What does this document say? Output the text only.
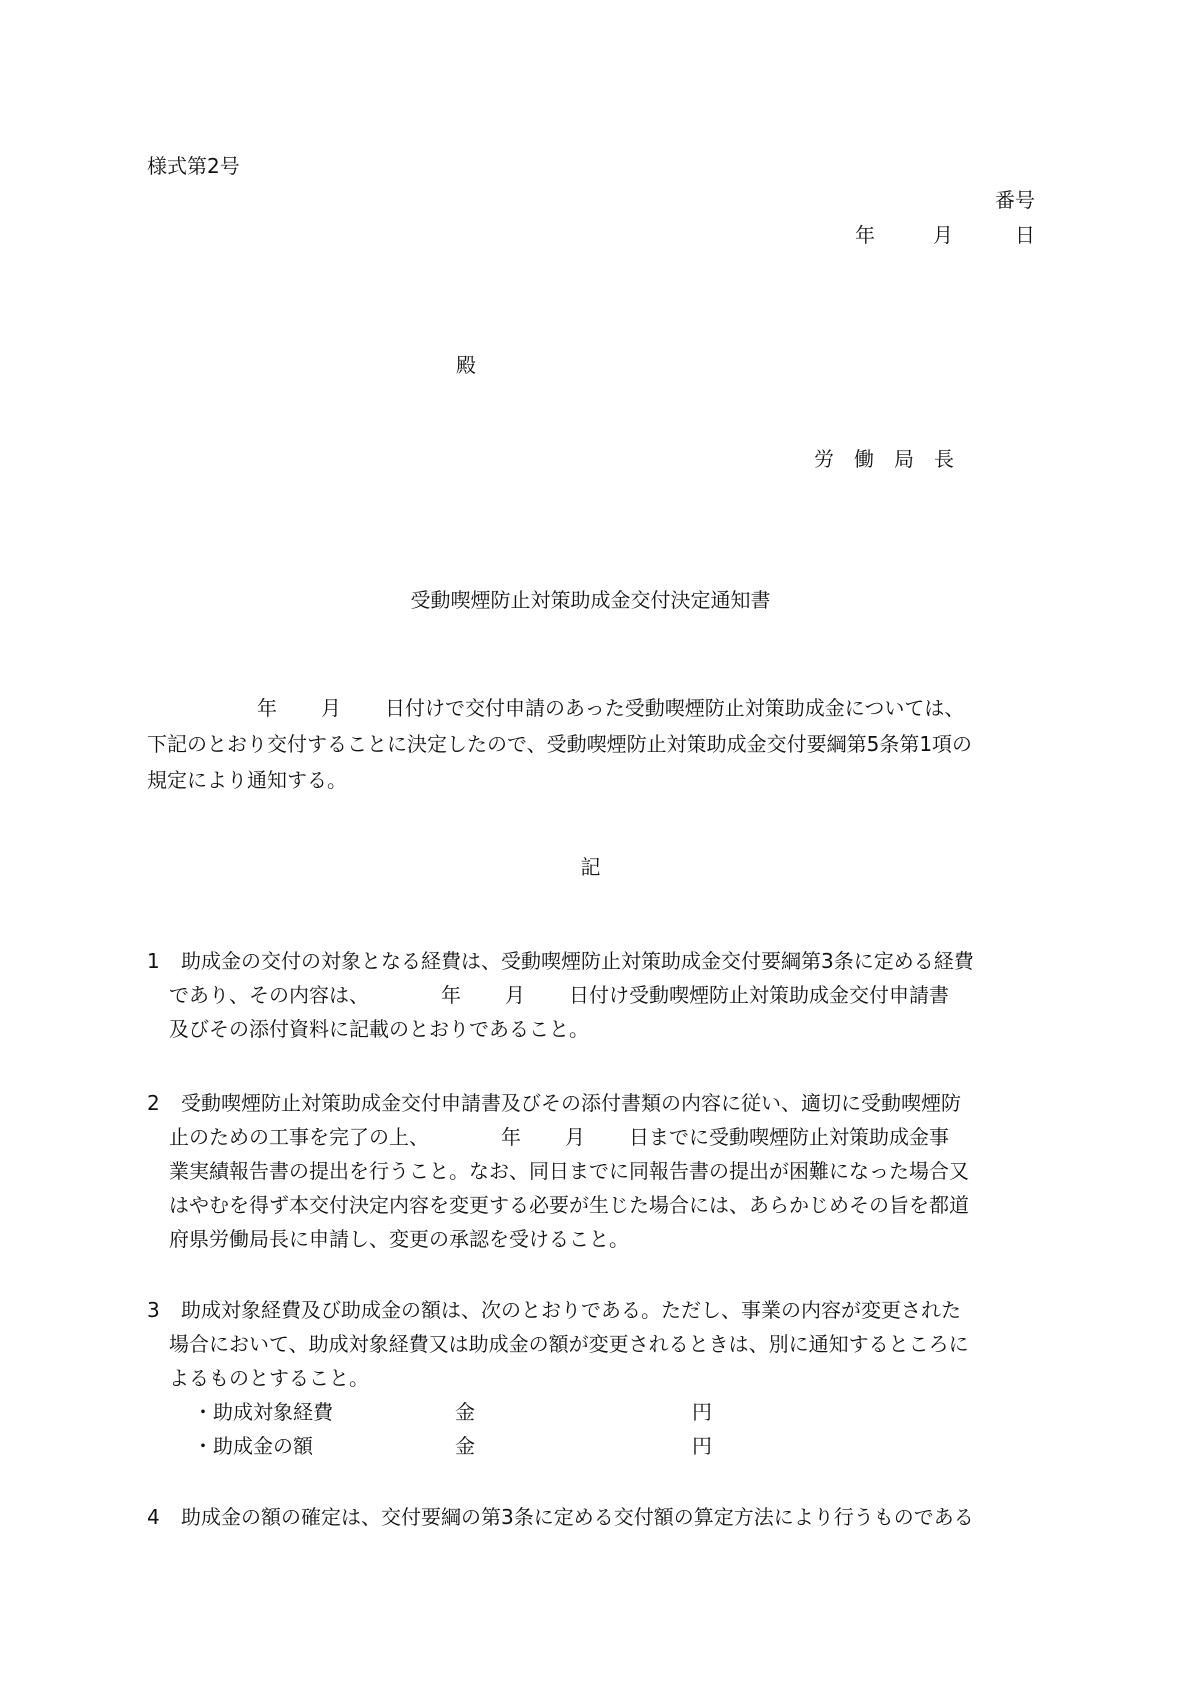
様式第2号
番号
年	月	日
殿
労働局長
受動喫煙防止対策助成金交付決定通知書
年 月 日付けで交付申請のあった受動喫煙防止対策助成金については、
下記のとおり交付することに決定したので、受動喫煙防止対策助成金交付要綱第5条第1項の
規定により通知する。
記
1 助成金の交付の対象となる経費は、受動喫煙防止対策助成金交付要綱第3条に定める経費
であり、その内容は、	年 月 日付け受動喫煙防止対策助成金交付申請書
及びその添付資料に記載のとおりであること。
2 受動喫煙防止対策助成金交付申請書及びその添付書類の内容に従い、適切に受動喫煙防
止のための工事を完了の上、	年 月 日までに受動喫煙防止対策助成金事
業実績報告書の提出を行うこと。なお、同日までに同報告書の提出が困難になった場合又
はやむを得ず本交付決定内容を変更する必要が生じた場合には、あらかじめその旨を都道
府県労働局長に申請し、変更の承認を受けること。
3 助成対象経費及び助成金の額は、次のとおりである。ただし、事業の内容が変更された
場合において、助成対象経費又は助成金の額が変更されるときは、別に通知するところに
よるものとすること。
・助成対象経費	金	円
・助成金の額	金	円
4 助成金の額の確定は、交付要綱の第3条に定める交付額の算定方法により行うものである
